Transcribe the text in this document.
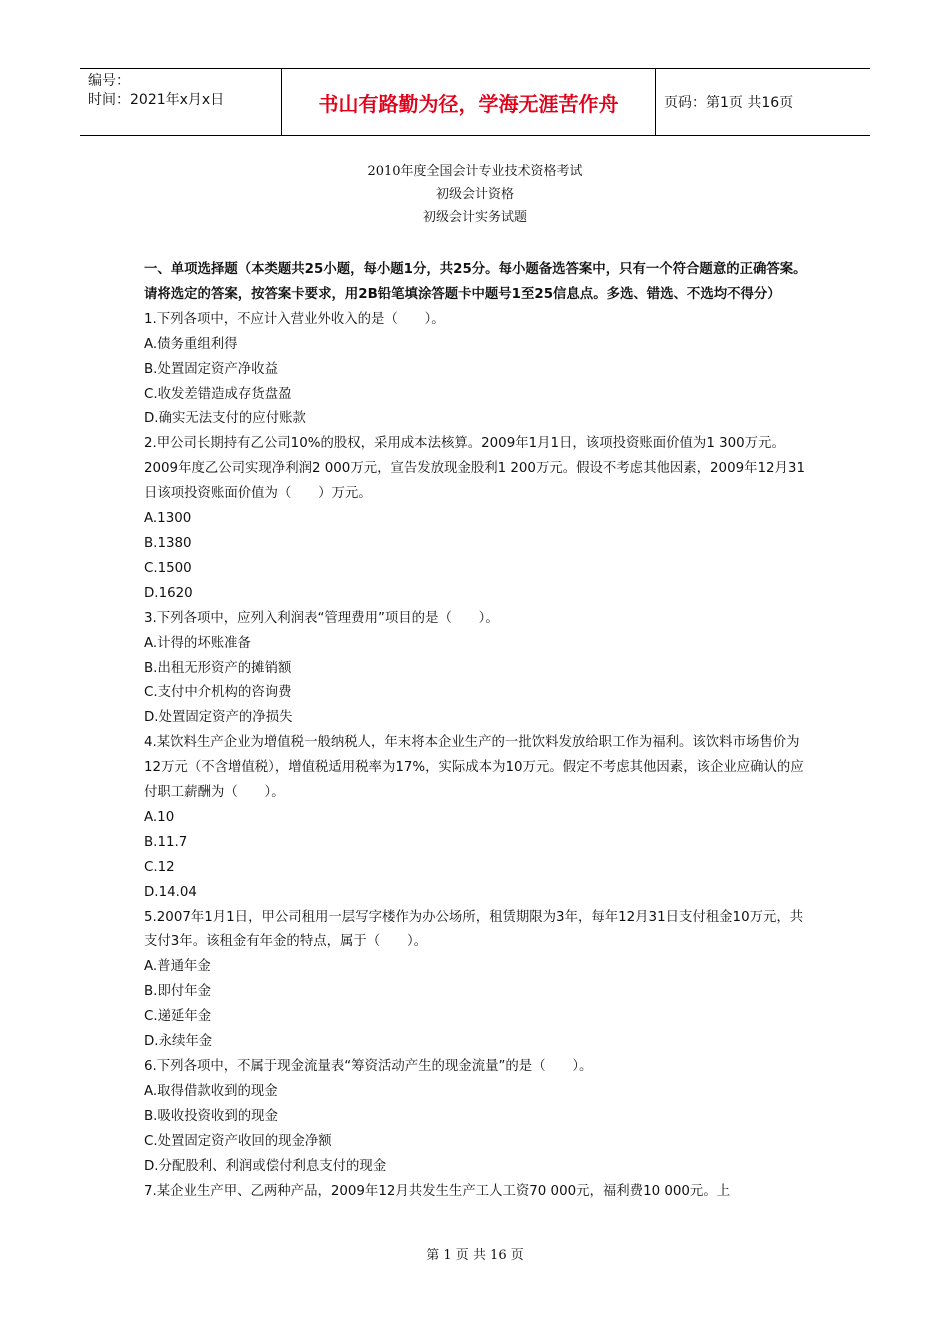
编号：
时间：2021年x月x日	书山有路勤为径，学海无涯苦作舟	页码：第1页 共16页
2010年度全国会计专业技术资格考试
初级会计资格
初级会计实务试题

一、单项选择题（本类题共25小题，每小题1分，共25分。每小题备选答案中，只有一个符合题意的正确答案。请将选定的答案，按答案卡要求，用2B铅笔填涂答题卡中题号1至25信息点。多选、错选、不选均不得分）

1.下列各项中，不应计入营业外收入的是（　　）。

A.债务重组利得

B.处置固定资产净收益

C.收发差错造成存货盘盈

D.确实无法支付的应付账款

2.甲公司长期持有乙公司10%的股权，采用成本法核算。2009年1月1日，该项投资账面价值为1 300万元。2009年度乙公司实现净利润2 000万元，宣告发放现金股利1 200万元。假设不考虑其他因素，2009年12月31日该项投资账面价值为（　　）万元。

A.1300

B.1380

C.1500

D.1620

3.下列各项中，应列入利润表“管理费用”项目的是（　　）。

A.计得的坏账准备

B.出租无形资产的摊销额

C.支付中介机构的咨询费

D.处置固定资产的净损失

4.某饮料生产企业为增值税一般纳税人，年末将本企业生产的一批饮料发放给职工作为福利。该饮料市场售价为12万元（不含增值税），增值税适用税率为17%，实际成本为10万元。假定不考虑其他因素，该企业应确认的应付职工薪酬为（　　）。

A.10

B.11.7

C.12

D.14.04

5.2007年1月1日，甲公司租用一层写字楼作为办公场所，租赁期限为3年，每年12月31日支付租金10万元，共支付3年。该租金有年金的特点，属于（　　）。

A.普通年金

B.即付年金

C.递延年金

D.永续年金

6.下列各项中，不属于现金流量表“筹资活动产生的现金流量”的是（　　）。

A.取得借款收到的现金

B.吸收投资收到的现金

C.处置固定资产收回的现金净额

D.分配股利、利润或偿付利息支付的现金

7.某企业生产甲、乙两种产品，2009年12月共发生生产工人工资70 000元，福利费10 000元。上

第 1 页 共 16 页
